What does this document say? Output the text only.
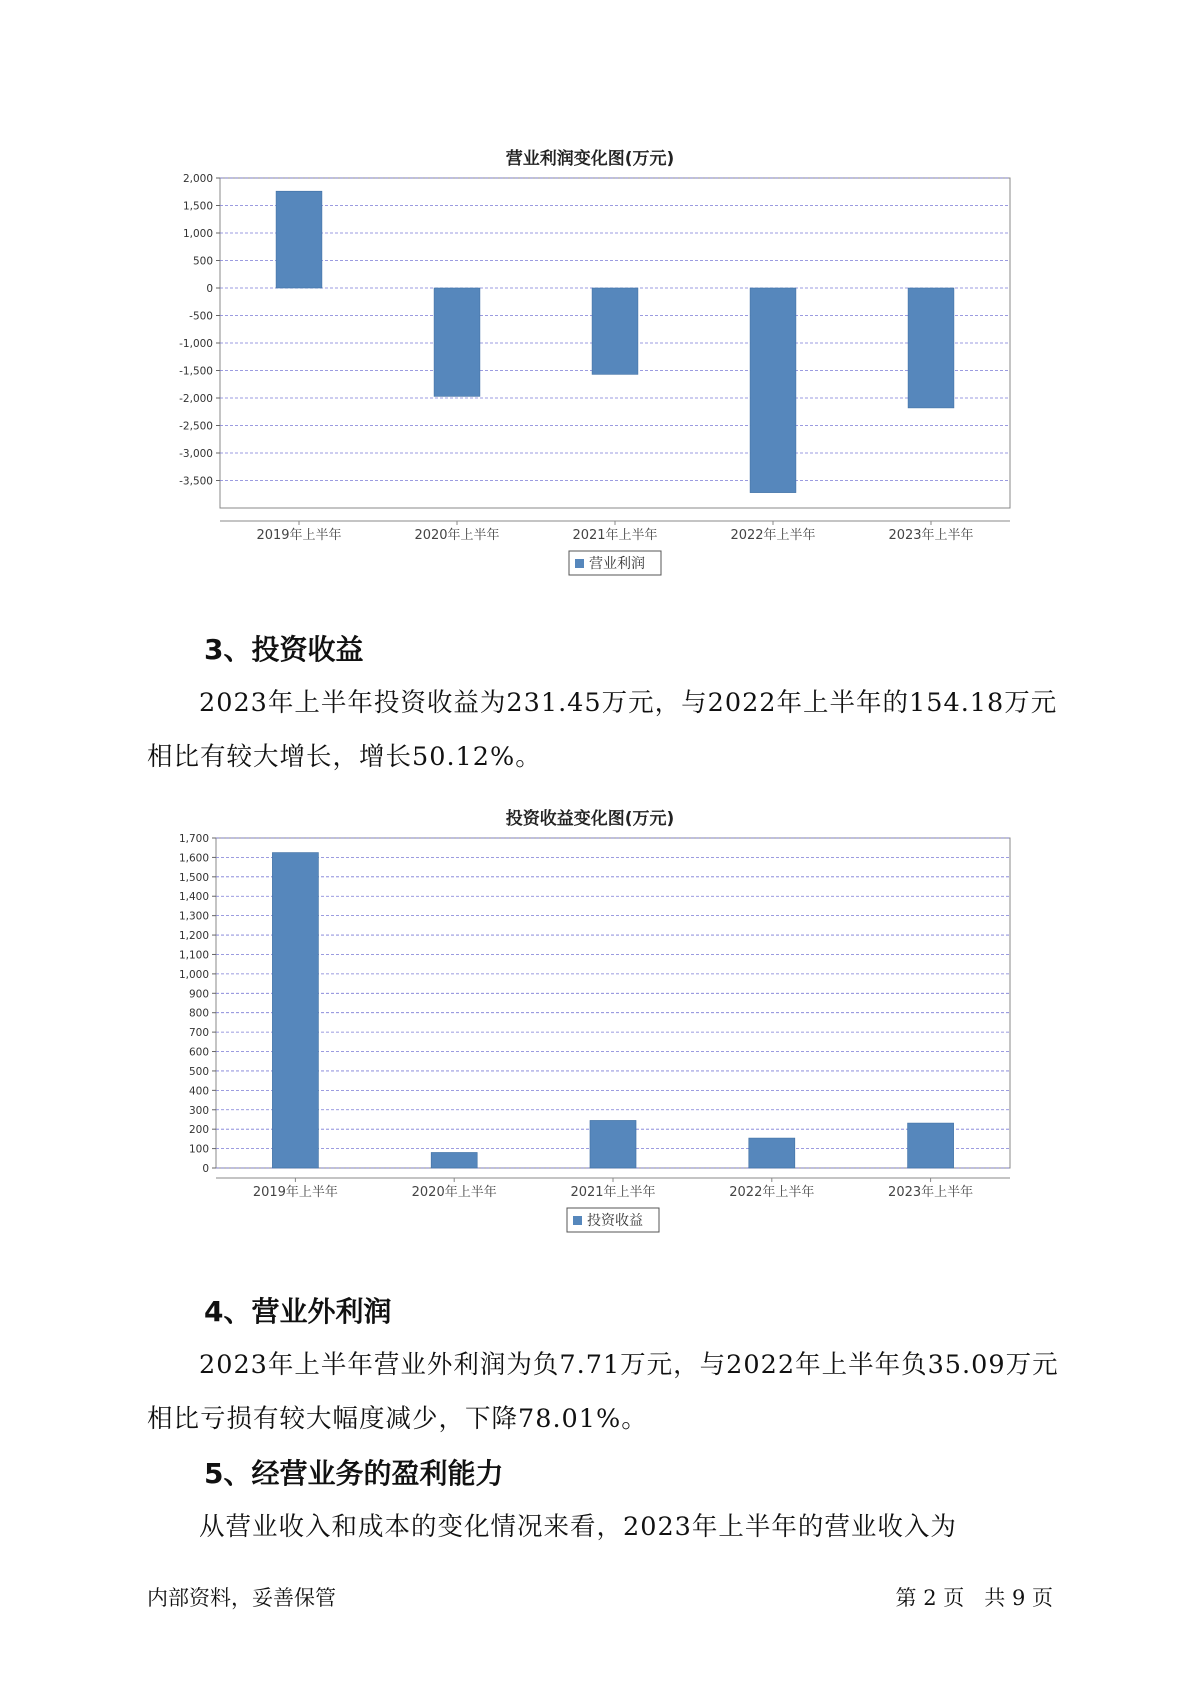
营业利润变化图(万元)
2,000
1,500
1,000
500
0
-500
-1,000
-1,500
-2,000
-2,500
-3,000
-3,500
2019年上半年	2020年上半年	2021年上半年	2022年上半年	2023年上半年
营业利润
3、投资收益

2023年上半年投资收益为231.45万元，与2022年上半年的154.18万元相比有较大增长，增长50.12%。

投资收益变化图(万元)
1,700
1,600
1,500
1,400
1,300
1,200
1,100
1,000
900
800
700
600
500
400
300
200
100
0
2019年上半年	2020年上半年	2021年上半年	2022年上半年	2023年上半年
投资收益
4、营业外利润

2023年上半年营业外利润为负7.71万元，与2022年上半年负35.09万元相比亏损有较大幅度减少，下降78.01%。

5、经营业务的盈利能力

从营业收入和成本的变化情况来看，2023年上半年的营业收入为

内部资料，妥善保管	第 2 页   共 9 页
